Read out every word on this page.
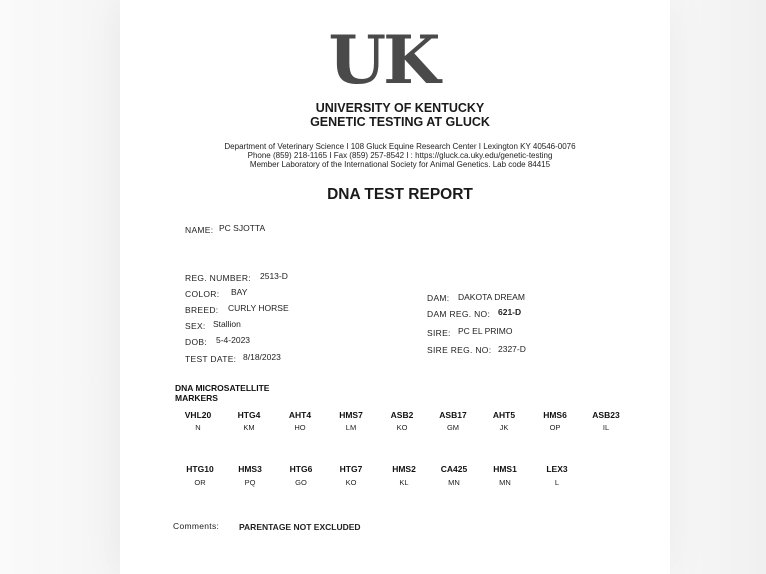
UK
UNIVERSITY OF KENTUCKY
GENETIC TESTING AT GLUCK
Department of Veterinary Science I 108 Gluck Equine Research Center I Lexington KY 40546-0076
Phone (859) 218-1165 I Fax (859) 257-8542 I : https://gluck.ca.uky.edu/genetic-testing
Member Laboratory of the International Society for Animal Genetics. Lab code 84415
DNA TEST REPORT
NAME: PC SJOTTA
REG. NUMBER: 2513-D
COLOR: BAY
BREED: CURLY HORSE
SEX: Stallion
DOB: 5-4-2023
TEST DATE: 8/18/2023
DAM: DAKOTA DREAM
DAM REG. NO: 621-D
SIRE: PC EL PRIMO
SIRE REG. NO: 2327-D
DNA MICROSATELLITE
MARKERS
VHL20	HTG4	AHT4	HMS7	ASB2	ASB17	AHT5	HMS6	ASB23
N	KM	HO	LM	KO	GM	JK	OP	IL
HTG10	HMS3	HTG6	HTG7	HMS2	CA425	HMS1	LEX3
OR	PQ	GO	KO	KL	MN	MN	L
Comments: PARENTAGE NOT EXCLUDED
